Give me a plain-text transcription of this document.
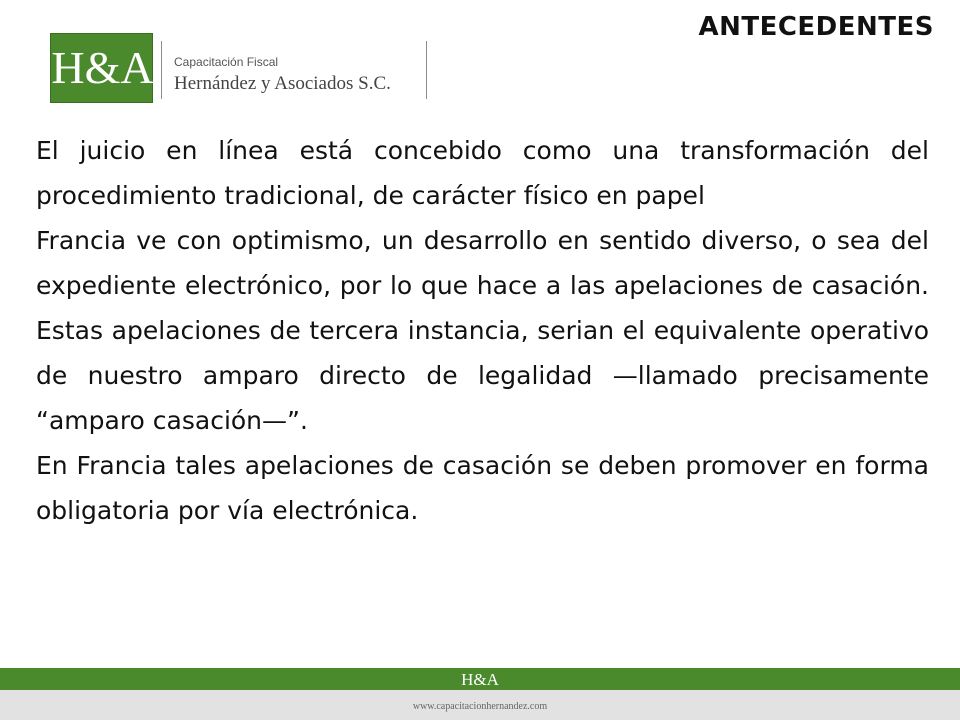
ANTECEDENTES
H&A Capacitación Fiscal
Hernández y Asociados S.C.

El juicio en línea está concebido como una transformación del procedimiento tradicional, de carácter físico en papel

Francia ve con optimismo, un desarrollo en sentido diverso, o sea del expediente electrónico, por lo que hace a las apelaciones de casación. Estas apelaciones de tercera instancia, serian el equivalente operativo de nuestro amparo directo de legalidad —llamado precisamente “amparo casación—”.

En Francia tales apelaciones de casación se deben promover en forma obligatoria por vía electrónica.

H&A
www.capacitacionhernandez.com
